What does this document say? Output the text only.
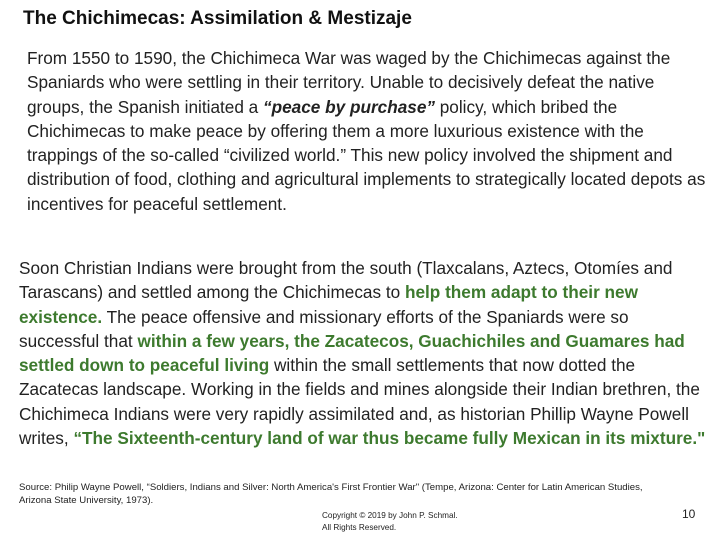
The Chichimecas: Assimilation & Mestizaje
From 1550 to 1590, the Chichimeca War was waged by the Chichimecas against the Spaniards who were settling in their territory. Unable to decisively defeat the native groups, the Spanish initiated a “peace by purchase” policy, which bribed the Chichimecas to make peace by offering them a more luxurious existence with the trappings of the so-called “civilized world.” This new policy involved the shipment and distribution of food, clothing and agricultural implements to strategically located depots as incentives for peaceful settlement.
Soon Christian Indians were brought from the south (Tlaxcalans, Aztecs, Otomíes and Tarascans) and settled among the Chichimecas to help them adapt to their new existence. The peace offensive and missionary efforts of the Spaniards were so successful that within a few years, the Zacatecos, Guachichiles and Guamares had settled down to peaceful living within the small settlements that now dotted the Zacatecas landscape. Working in the fields and mines alongside their Indian brethren, the Chichimeca Indians were very rapidly assimilated and, as historian Phillip Wayne Powell writes, “The Sixteenth-century land of war thus became fully Mexican in its mixture."
Source: Philip Wayne Powell, “Soldiers, Indians and Silver: North America's First Frontier War" (Tempe, Arizona: Center for Latin American Studies, Arizona State University, 1973).
Copyright © 2019 by John P. Schmal.
All Rights Reserved.
10
